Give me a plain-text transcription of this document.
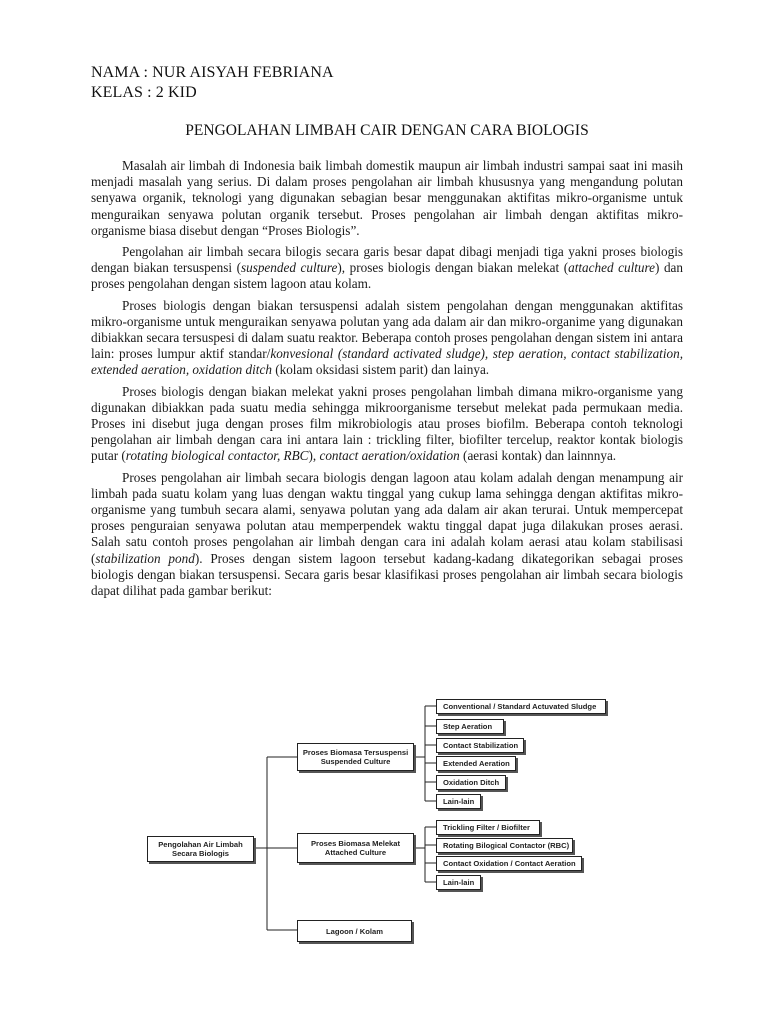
NAMA : NUR AISYAH FEBRIANA
KELAS : 2 KID
PENGOLAHAN LIMBAH CAIR DENGAN CARA BIOLOGIS

Masalah air limbah di Indonesia baik limbah domestik maupun air limbah industri sampai saat ini masih menjadi masalah yang serius. Di dalam proses pengolahan air limbah khususnya yang mengandung polutan senyawa organik, teknologi yang digunakan sebagian besar menggunakan aktifitas mikro-organisme untuk menguraikan senyawa polutan organik tersebut. Proses pengolahan air limbah dengan aktifitas mikro-organisme biasa disebut dengan “Proses Biologis”.

Pengolahan air limbah secara bilogis secara garis besar dapat dibagi menjadi tiga yakni proses biologis dengan biakan tersuspensi (suspended culture), proses biologis dengan biakan melekat (attached culture) dan proses pengolahan dengan sistem lagoon atau kolam.

Proses biologis dengan biakan tersuspensi adalah sistem pengolahan dengan menggunakan aktifitas mikro-organisme untuk menguraikan senyawa polutan yang ada dalam air dan mikro-organime yang digunakan dibiakkan secara tersuspesi di dalam suatu reaktor. Beberapa contoh proses pengolahan dengan sistem ini antara lain: proses lumpur aktif standar/konvesional (standard activated sludge), step aeration, contact stabilization, extended aeration, oxidation ditch (kolam oksidasi sistem parit) dan lainya.

Proses biologis dengan biakan melekat yakni proses pengolahan limbah dimana mikro-organisme yang digunakan dibiakkan pada suatu media sehingga mikroorganisme tersebut melekat pada permukaan media. Proses ini disebut juga dengan proses film mikrobiologis atau proses biofilm. Beberapa contoh teknologi pengolahan air limbah dengan cara ini antara lain : trickling filter, biofilter tercelup, reaktor kontak biologis putar (rotating biological contactor, RBC), contact aeration/oxidation (aerasi kontak) dan lainnnya.

Proses pengolahan air limbah secara biologis dengan lagoon atau kolam adalah dengan menampung air limbah pada suatu kolam yang luas dengan waktu tinggal yang cukup lama sehingga dengan aktifitas mikro-organisme yang tumbuh secara alami, senyawa polutan yang ada dalam air akan terurai. Untuk mempercepat proses penguraian senyawa polutan atau memperpendek waktu tinggal dapat juga dilakukan proses aerasi. Salah satu contoh proses pengolahan air limbah dengan cara ini adalah kolam aerasi atau kolam stabilisasi (stabilization pond). Proses dengan sistem lagoon tersebut kadang-kadang dikategorikan sebagai proses biologis dengan biakan tersuspensi. Secara garis besar klasifikasi proses pengolahan air limbah secara biologis dapat dilihat pada gambar berikut:

Pengolahan Air Limbah
Secara Biologis
Proses Biomasa Tersuspensi
Suspended Culture
Proses Biomasa Melekat
Attached Culture
Lagoon / Kolam
Conventional / Standard Actuvated Sludge
Step Aeration
Contact Stabilization
Extended Aeration
Oxidation Ditch
Lain-lain
Trickling Filter / Biofilter
Rotating Bilogical Contactor (RBC)
Contact Oxidation / Contact Aeration
Lain-lain
